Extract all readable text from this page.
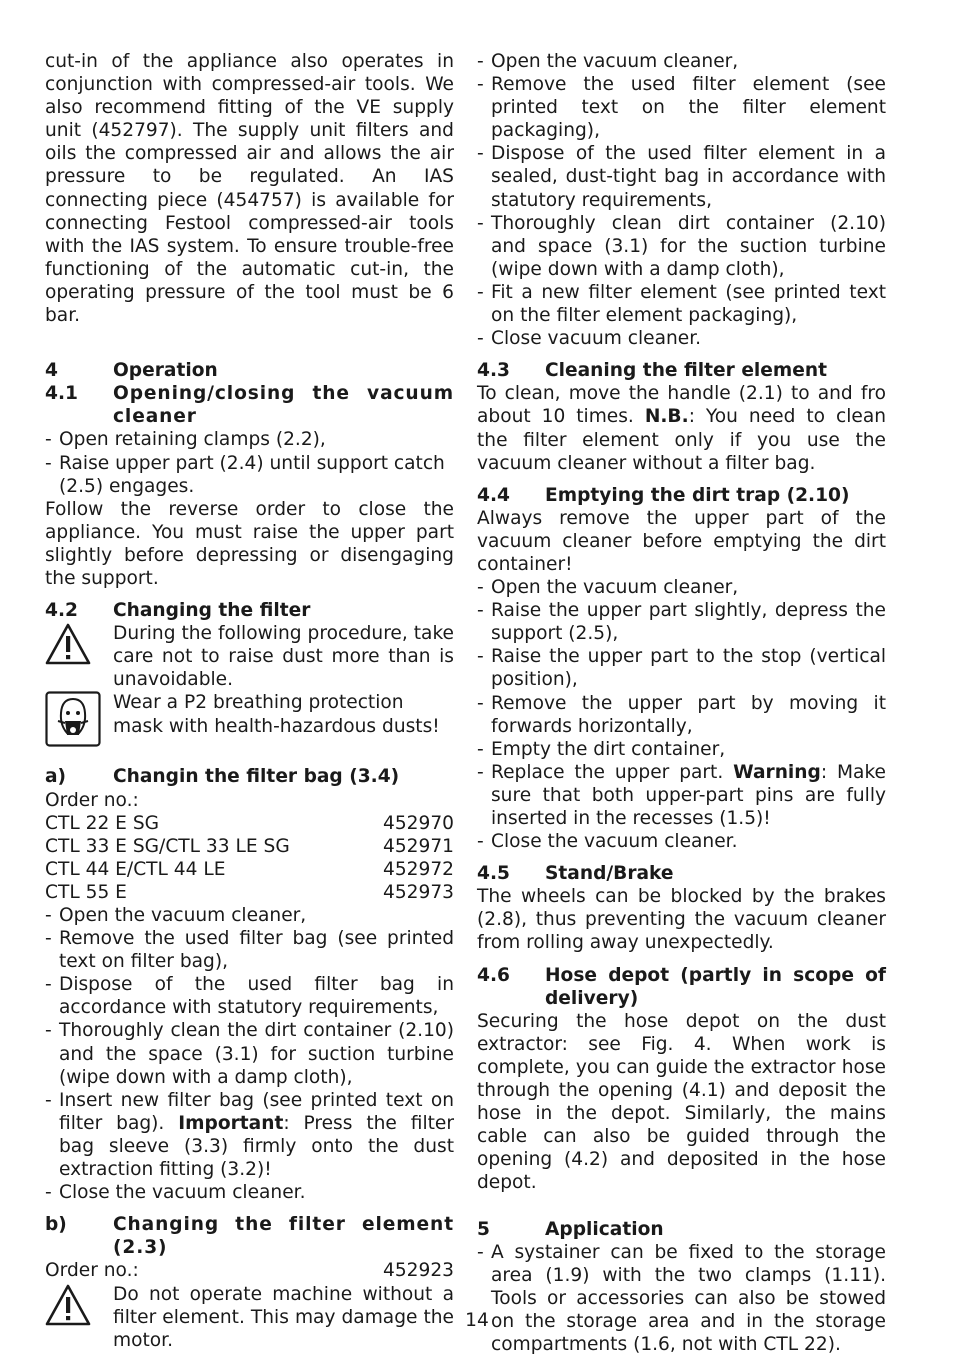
cut-in of the appliance also operates in conjunction with compressed-air tools. We also recommend fitting of the VE supply unit (452797). The supply unit filters and oils the compressed air and allows the air pressure to be regulated. An IAS connecting piece (454757) is available for connecting Festool compressed-air tools with the IAS system. To ensure trouble-free functioning of the automatic cut-in, the operating pressure of the tool must be 6 bar.

4	Operation
4.1	Opening/closing the vacuum cleaner
- Open retaining clamps (2.2),
- Raise upper part (2.4) until support catch (2.5) engages.

Follow the reverse order to close the appliance. You must raise the upper part slightly before depressing or disengaging the support.

4.2	Changing the filter

During the following procedure, take care not to raise dust more than is unavoidable.

Wear a P2 breathing protection mask with health-hazardous dusts!

a)	Changin the filter bag (3.4)

Order no.:

CTL 22 E SG	452970
CTL 33 E SG/CTL 33 LE SG	452971
CTL 44 E/CTL 44 LE	452972
CTL 55 E	452973
- Open the vacuum cleaner,
- Remove the used filter bag (see printed text on filter bag),
- Dispose of the used filter bag in accordance with statutory requirements,
- Thoroughly clean the dirt container (2.10) and the space (3.1) for suction turbine (wipe down with a damp cloth),
- Insert new filter bag (see printed text on filter bag). Important: Press the filter bag sleeve (3.3) firmly onto the dust extraction fitting (3.2)!
- Close the vacuum cleaner.
b)	Changing the filter element (2.3)
Order no.:	452923

Do not operate machine without a filter element. This may damage the motor.

- Open the vacuum cleaner,
- Remove the used filter element (see printed text on the filter element packaging),
- Dispose of the used filter element in a sealed, dust-tight bag in accordance with statutory requirements,
- Thoroughly clean dirt container (2.10) and space (3.1) for the suction turbine (wipe down with a damp cloth),
- Fit a new filter element (see printed text on the filter element packaging),
- Close vacuum cleaner.
4.3	Cleaning the filter element

To clean, move the handle (2.1) to and fro about 10 times. N.B.: You need to clean the filter element only if you use the vacuum cleaner without a filter bag.

4.4	Emptying the dirt trap (2.10)

Always remove the upper part of the vacuum cleaner before emptying the dirt container!

- Open the vacuum cleaner,
- Raise the upper part slightly, depress the support (2.5),
- Raise the upper part to the stop (vertical position),
- Remove the upper part by moving it forwards horizontally,
- Empty the dirt container,
- Replace the upper part. Warning: Make sure that both upper-part pins are fully inserted in the recesses (1.5)!
- Close the vacuum cleaner.
4.5	Stand/Brake

The wheels can be blocked by the brakes (2.8), thus preventing the vacuum cleaner from rolling away unexpectedly.

4.6	Hose depot (partly in scope of delivery)

Securing the hose depot on the dust extractor: see Fig. 4. When work is complete, you can guide the extractor hose through the opening (4.1) and deposit the hose in the depot. Similarly, the mains cable can also be guided through the opening (4.2) and deposited in the hose depot.

5	Application
- A systainer can be fixed to the storage area (1.9) with the two clamps (1.11). Tools or accessories can also be stowed on the storage area and in the storage compartments (1.6, not with CTL 22).
14
